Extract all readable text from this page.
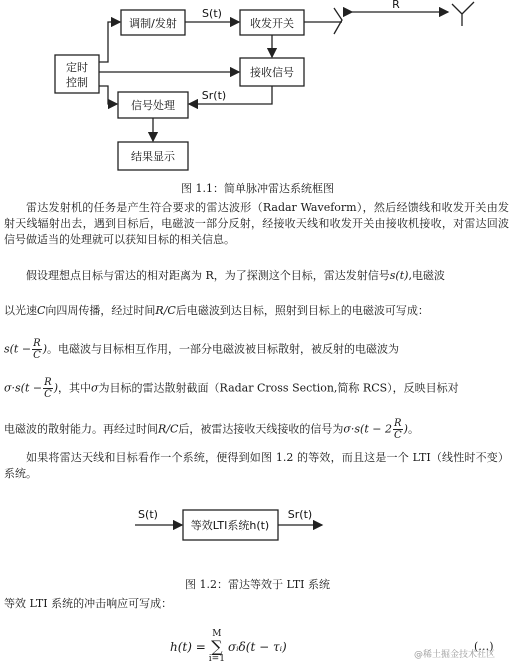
定时
控制
调制/发射	收发开关
接收信号
信号处理
结果显示
S(t)
Sr(t)
R

图 1.1：简单脉冲雷达系统框图

雷达发射机的任务是产生符合要求的雷达波形（Radar Waveform），然后经馈线和收发开关由发射天线辐射出去，遇到目标后，电磁波一部分反射，经接收天线和收发开关由接收机接收，对雷达回波信号做适当的处理就可以获知目标的相关信息。

假设理想点目标与雷达的相对距离为 R，为了探测这个目标，雷达发射信号s(t),电磁波

以光速C向四周传播，经过时间R/C后电磁波到达目标，照射到目标上的电磁波可写成：

$s(t - \frac{R}{C}$ )。电磁波与目标相互作用，一部分电磁波被目标散射，被反射的电磁波为

$\sigma\cdot s(t - \frac{R}{C}$ )，其中σ为目标的雷达散射截面（Radar Cross Section,简称 RCS），反映目标对

电磁波的散射能力。再经过时间R/C后，被雷达接收天线接收的信号为$\sigma\cdot s(t - 2 \frac{R}{C}$ )。

如果将雷达天线和目标看作一个系统，便得到如图 1.2 的等效，而且这是一个 LTI（线性时不变）系统。

S(t)
等效LTI系统h(t)
Sr(t)

图 1.2：雷达等效于 LTI 系统

等效 LTI 系统的冲击响应可写成：

h(t) =
M
∑
i=1
σᵢδ(t − τᵢ)	(…)
@稀土掘金技术社区
